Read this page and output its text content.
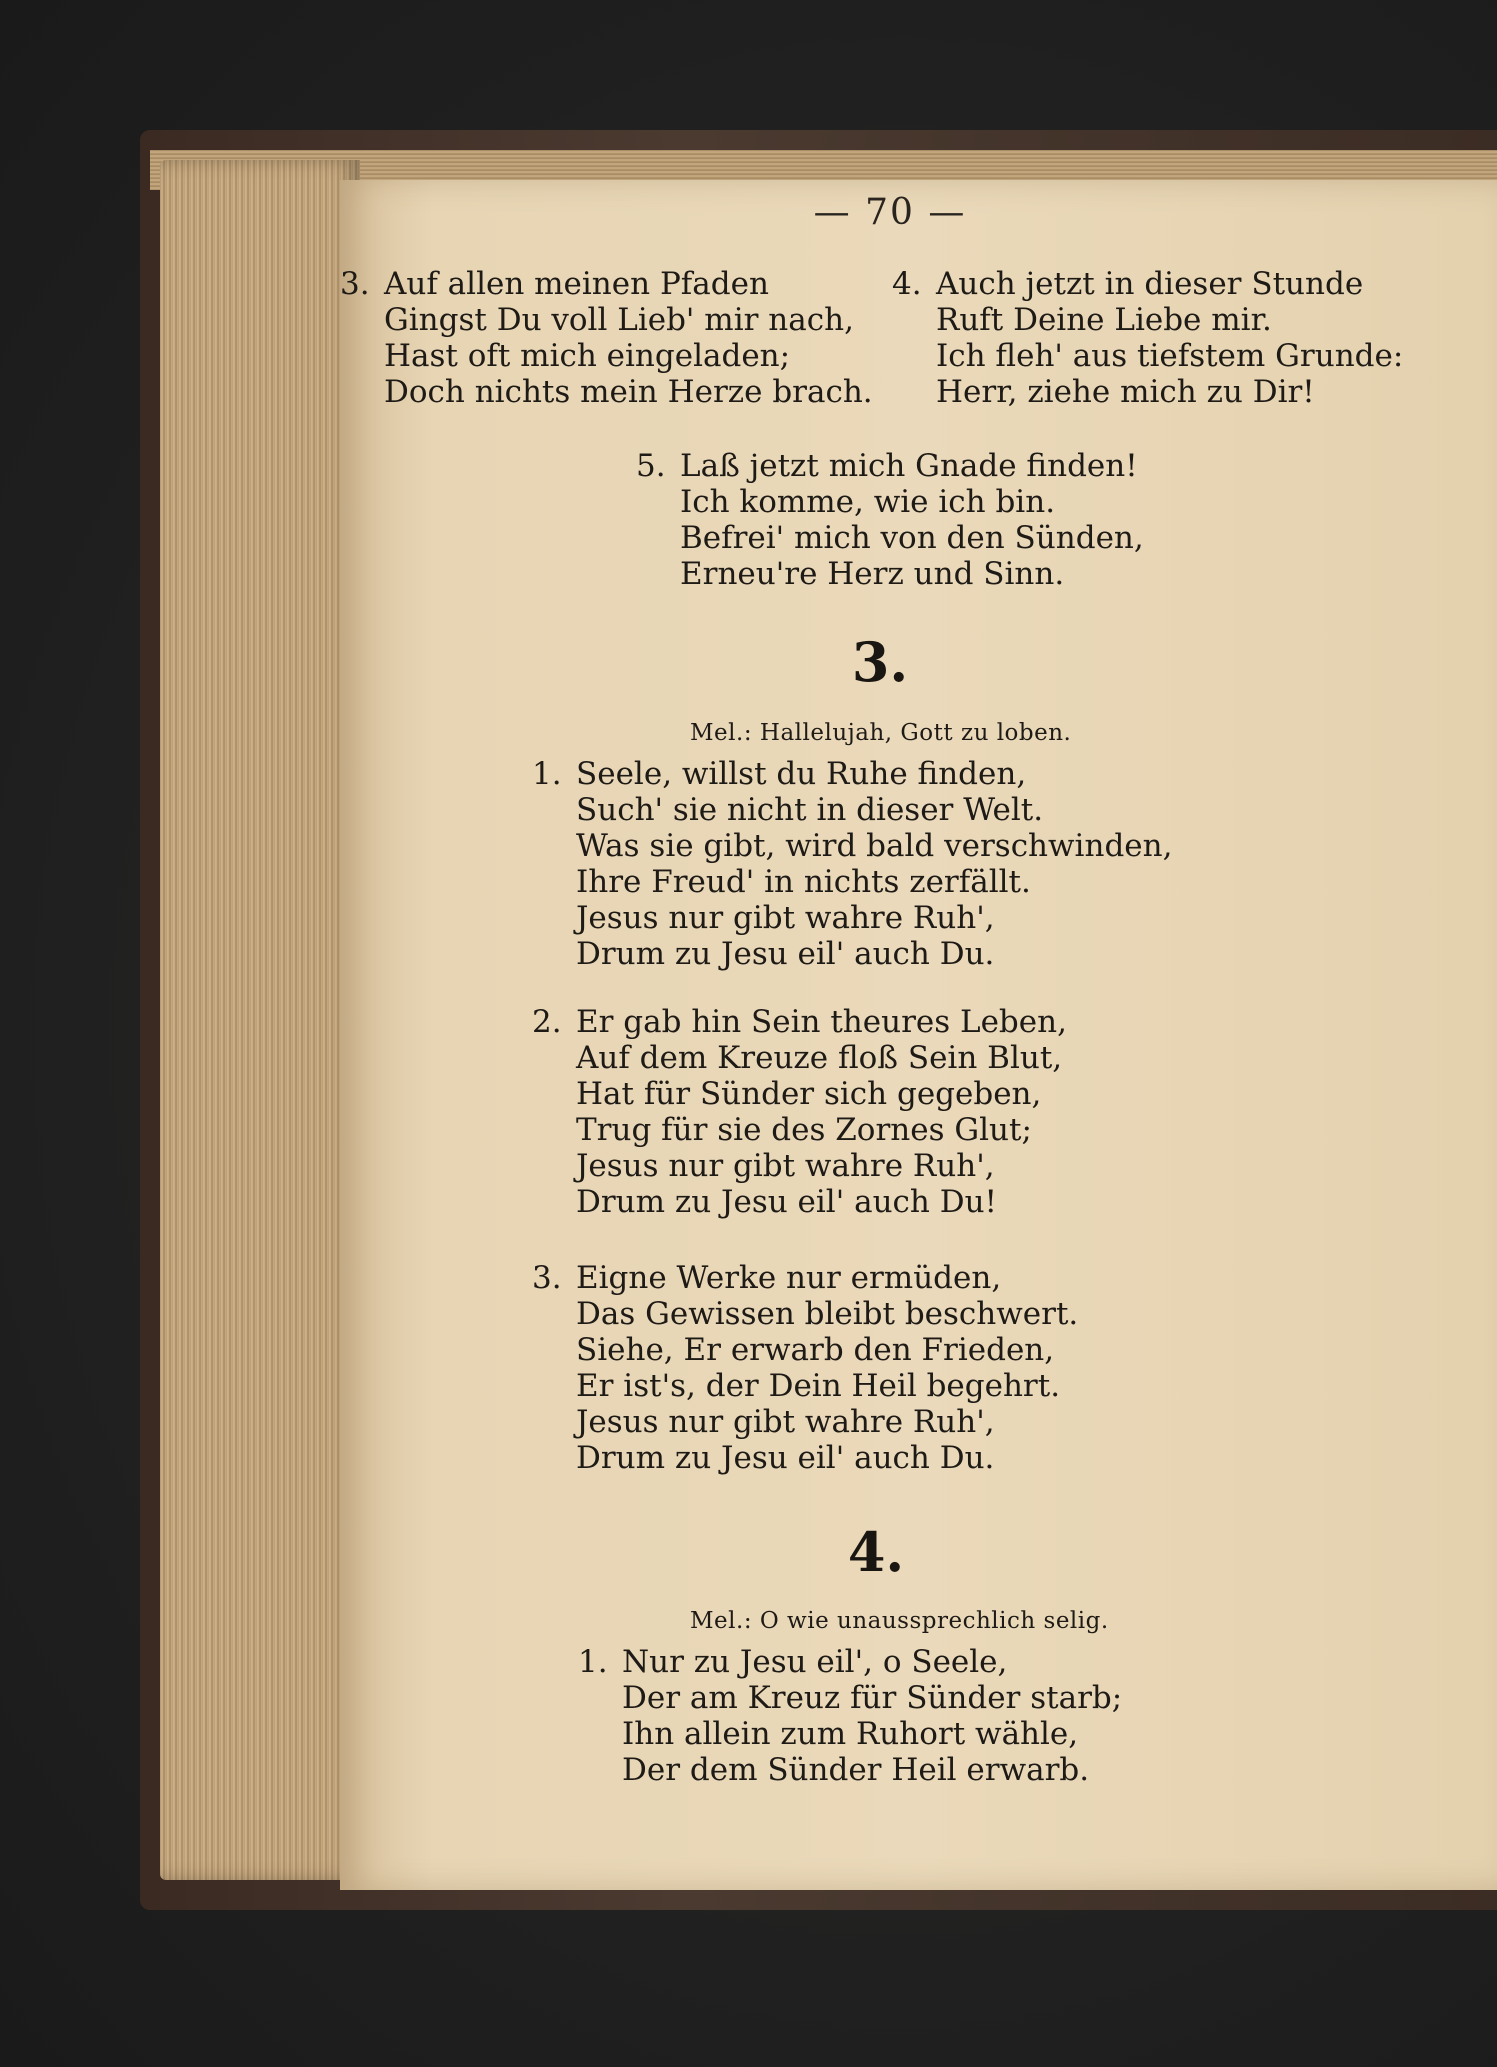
— 70 —
3. Auf allen meinen Pfaden
Gingst Du voll Lieb' mir nach,
Hast oft mich eingeladen;
Doch nichts mein Herze brach.
4. Auch jetzt in dieser Stunde
Ruft Deine Liebe mir.
Ich fleh' aus tiefstem Grunde:
Herr, ziehe mich zu Dir!
5. Laß jetzt mich Gnade finden!
Ich komme, wie ich bin.
Befrei' mich von den Sünden,
Erneu're Herz und Sinn.
3.
Mel.: Hallelujah, Gott zu loben.
1. Seele, willst du Ruhe finden,
Such' sie nicht in dieser Welt.
Was sie gibt, wird bald verschwinden,
Ihre Freud' in nichts zerfällt.
Jesus nur gibt wahre Ruh',
Drum zu Jesu eil' auch Du.
2. Er gab hin Sein theures Leben,
Auf dem Kreuze floß Sein Blut,
Hat für Sünder sich gegeben,
Trug für sie des Zornes Glut;
Jesus nur gibt wahre Ruh',
Drum zu Jesu eil' auch Du!
3. Eigne Werke nur ermüden,
Das Gewissen bleibt beschwert.
Siehe, Er erwarb den Frieden,
Er ist's, der Dein Heil begehrt.
Jesus nur gibt wahre Ruh',
Drum zu Jesu eil' auch Du.
4.
Mel.: O wie unaussprechlich selig.
1. Nur zu Jesu eil', o Seele,
Der am Kreuz für Sünder starb;
Ihn allein zum Ruhort wähle,
Der dem Sünder Heil erwarb.
